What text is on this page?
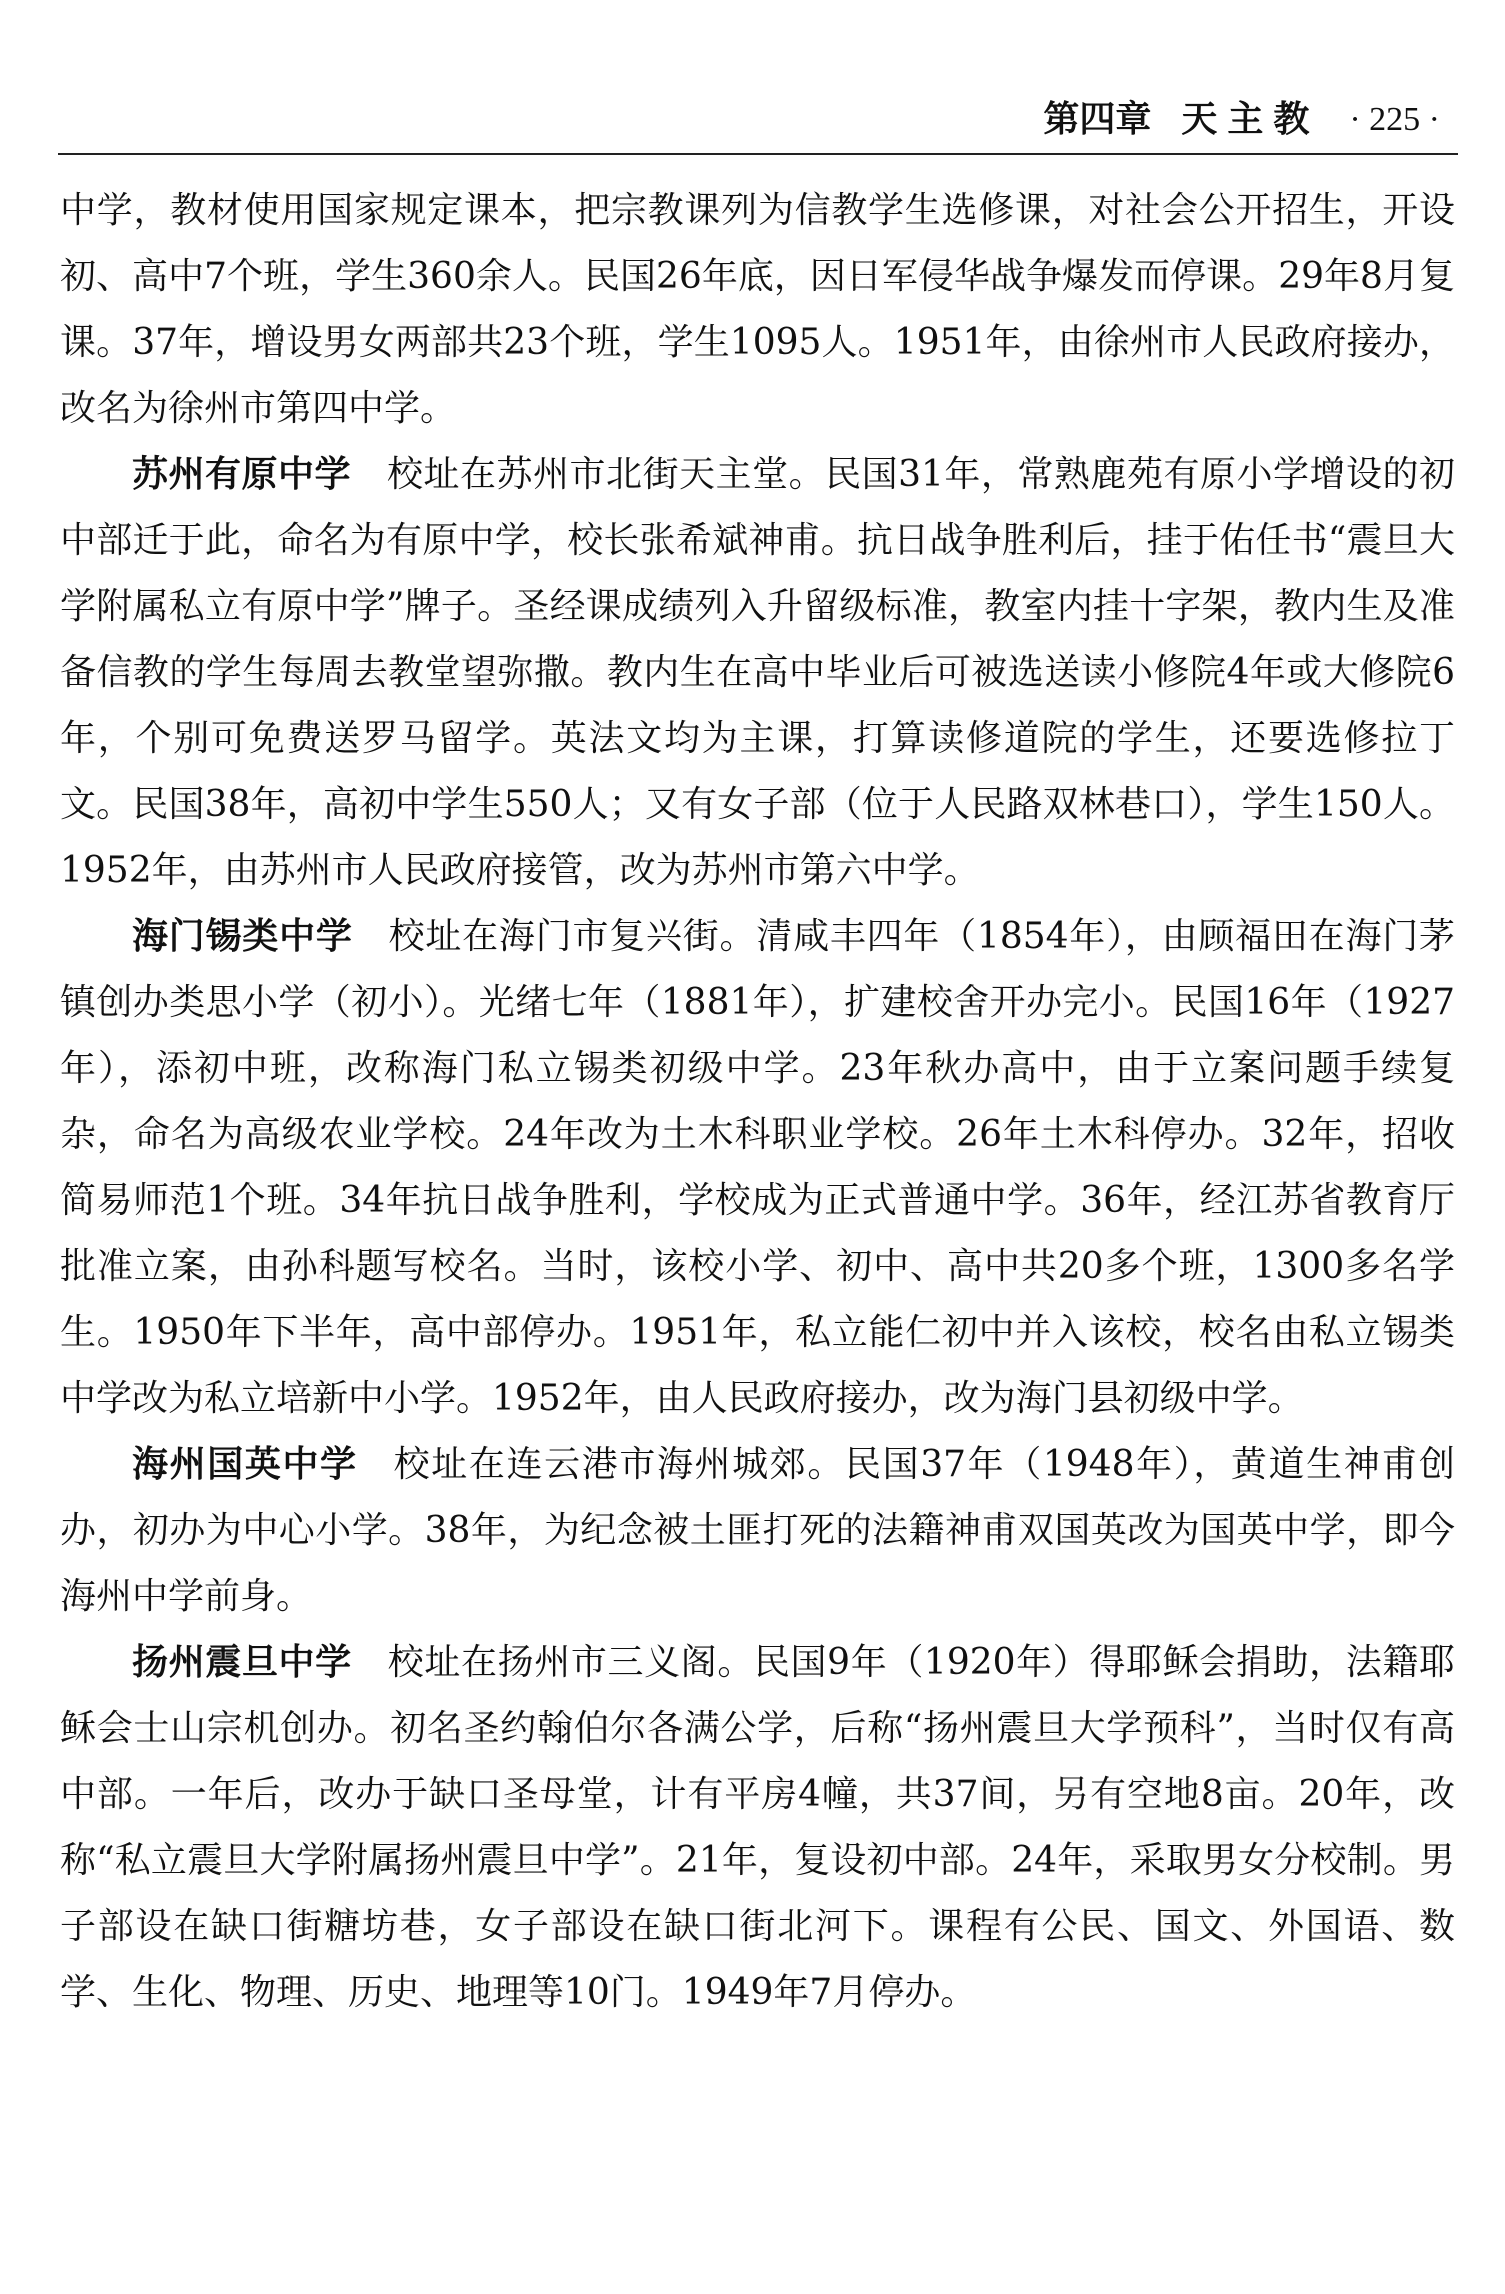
第四章 天主教 · 225 ·

中学，教材使用国家规定课本，把宗教课列为信教学生选修课，对社会公开招生，开设初、高中7个班，学生360余人。民国26年底，因日军侵华战争爆发而停课。29年8月复课。37年，增设男女两部共23个班，学生1095人。1951年，由徐州市人民政府接办，改名为徐州市第四中学。

苏州有原中学 校址在苏州市北街天主堂。民国31年，常熟鹿苑有原小学增设的初中部迁于此，命名为有原中学，校长张希斌神甫。抗日战争胜利后，挂于佑任书“震旦大学附属私立有原中学”牌子。圣经课成绩列入升留级标准，教室内挂十字架，教内生及准备信教的学生每周去教堂望弥撒。教内生在高中毕业后可被选送读小修院4年或大修院6年，个别可免费送罗马留学。英法文均为主课，打算读修道院的学生，还要选修拉丁文。民国38年，高初中学生550人；又有女子部（位于人民路双林巷口），学生150人。1952年，由苏州市人民政府接管，改为苏州市第六中学。

海门锡类中学 校址在海门市复兴街。清咸丰四年（1854年），由顾福田在海门茅镇创办类思小学（初小）。光绪七年（1881年），扩建校舍开办完小。民国16年（1927年），添初中班，改称海门私立锡类初级中学。23年秋办高中，由于立案问题手续复杂，命名为高级农业学校。24年改为土木科职业学校。26年土木科停办。32年，招收简易师范1个班。34年抗日战争胜利，学校成为正式普通中学。36年，经江苏省教育厅批准立案，由孙科题写校名。当时，该校小学、初中、高中共20多个班，1300多名学生。1950年下半年，高中部停办。1951年，私立能仁初中并入该校，校名由私立锡类中学改为私立培新中小学。1952年，由人民政府接办，改为海门县初级中学。

海州国英中学 校址在连云港市海州城郊。民国37年（1948年），黄道生神甫创办，初办为中心小学。38年，为纪念被土匪打死的法籍神甫双国英改为国英中学，即今海州中学前身。

扬州震旦中学 校址在扬州市三义阁。民国9年（1920年）得耶稣会捐助，法籍耶稣会士山宗机创办。初名圣约翰伯尔各满公学，后称“扬州震旦大学预科”，当时仅有高中部。一年后，改办于缺口圣母堂，计有平房4幢，共37间，另有空地8亩。20年，改称“私立震旦大学附属扬州震旦中学”。21年，复设初中部。24年，采取男女分校制。男子部设在缺口街糖坊巷，女子部设在缺口街北河下。课程有公民、国文、外国语、数学、生化、物理、历史、地理等10门。1949年7月停办。
